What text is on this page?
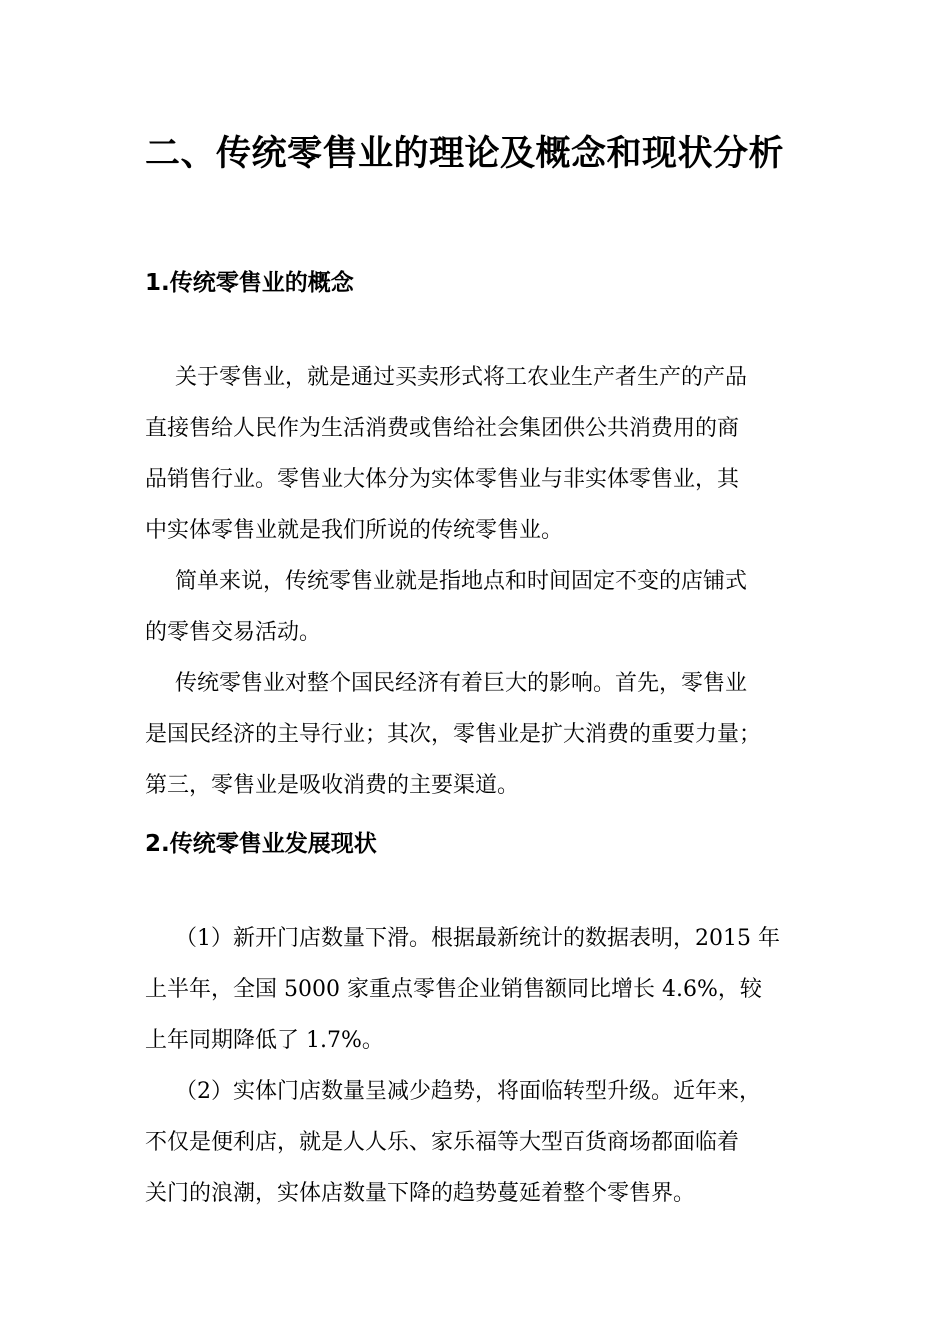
二、传统零售业的理论及概念和现状分析
1.传统零售业的概念

关于零售业，就是通过买卖形式将工农业生产者生产的产品
直接售给人民作为生活消费或售给社会集团供公共消费用的商
品销售行业。零售业大体分为实体零售业与非实体零售业，其
中实体零售业就是我们所说的传统零售业。

简单来说，传统零售业就是指地点和时间固定不变的店铺式
的零售交易活动。

传统零售业对整个国民经济有着巨大的影响。首先，零售业
是国民经济的主导行业；其次，零售业是扩大消费的重要力量；
第三，零售业是吸收消费的主要渠道。

2.传统零售业发展现状

（1）新开门店数量下滑。根据最新统计的数据表明，2015 年
上半年，全国 5000 家重点零售企业销售额同比增长 4.6%，较
上年同期降低了 1.7%。

（2）实体门店数量呈减少趋势，将面临转型升级。近年来，
不仅是便利店，就是人人乐、家乐福等大型百货商场都面临着
关门的浪潮，实体店数量下降的趋势蔓延着整个零售界。
